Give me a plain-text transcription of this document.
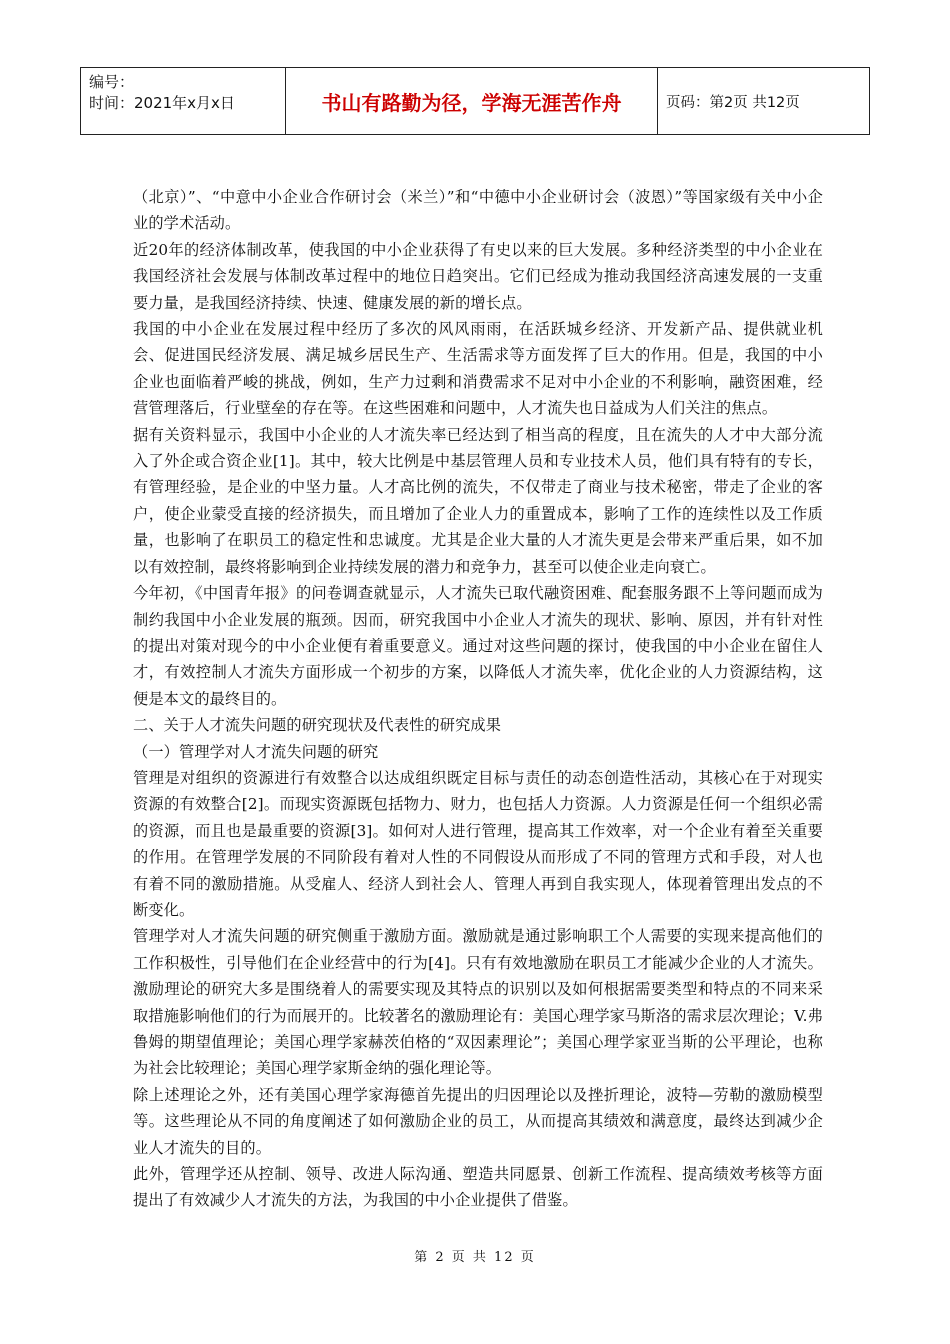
编号：
时间：2021年x月x日	书山有路勤为径，学海无涯苦作舟	页码：第2页 共12页

（北京）”、“中意中小企业合作研讨会（米兰）”和“中德中小企业研讨会（波恩）”等国家级有关中小企业的学术活动。

近20年的经济体制改革，使我国的中小企业获得了有史以来的巨大发展。多种经济类型的中小企业在我国经济社会发展与体制改革过程中的地位日趋突出。它们已经成为推动我国经济高速发展的一支重要力量，是我国经济持续、快速、健康发展的新的增长点。

我国的中小企业在发展过程中经历了多次的风风雨雨，在活跃城乡经济、开发新产品、提供就业机会、促进国民经济发展、满足城乡居民生产、生活需求等方面发挥了巨大的作用。但是，我国的中小企业也面临着严峻的挑战，例如，生产力过剩和消费需求不足对中小企业的不利影响，融资困难，经营管理落后，行业壁垒的存在等。在这些困难和问题中，人才流失也日益成为人们关注的焦点。

据有关资料显示，我国中小企业的人才流失率已经达到了相当高的程度，且在流失的人才中大部分流入了外企或合资企业[1]。其中，较大比例是中基层管理人员和专业技术人员，他们具有特有的专长，有管理经验，是企业的中坚力量。人才高比例的流失，不仅带走了商业与技术秘密，带走了企业的客户，使企业蒙受直接的经济损失，而且增加了企业人力的重置成本，影响了工作的连续性以及工作质量，也影响了在职员工的稳定性和忠诚度。尤其是企业大量的人才流失更是会带来严重后果，如不加以有效控制，最终将影响到企业持续发展的潜力和竞争力，甚至可以使企业走向衰亡。

今年初，《中国青年报》的问卷调查就显示，人才流失已取代融资困难、配套服务跟不上等问题而成为制约我国中小企业发展的瓶颈。因而，研究我国中小企业人才流失的现状、影响、原因，并有针对性的提出对策对现今的中小企业便有着重要意义。通过对这些问题的探讨，使我国的中小企业在留住人才，有效控制人才流失方面形成一个初步的方案，以降低人才流失率，优化企业的人力资源结构，这便是本文的最终目的。

二、关于人才流失问题的研究现状及代表性的研究成果

（一）管理学对人才流失问题的研究

管理是对组织的资源进行有效整合以达成组织既定目标与责任的动态创造性活动，其核心在于对现实资源的有效整合[2]。而现实资源既包括物力、财力，也包括人力资源。人力资源是任何一个组织必需的资源，而且也是最重要的资源[3]。如何对人进行管理，提高其工作效率，对一个企业有着至关重要的作用。在管理学发展的不同阶段有着对人性的不同假设从而形成了不同的管理方式和手段，对人也有着不同的激励措施。从受雇人、经济人到社会人、管理人再到自我实现人，体现着管理出发点的不断变化。

管理学对人才流失问题的研究侧重于激励方面。激励就是通过影响职工个人需要的实现来提高他们的工作积极性，引导他们在企业经营中的行为[4]。只有有效地激励在职员工才能减少企业的人才流失。激励理论的研究大多是围绕着人的需要实现及其特点的识别以及如何根据需要类型和特点的不同来采取措施影响他们的行为而展开的。比较著名的激励理论有：美国心理学家马斯洛的需求层次理论；V.弗鲁姆的期望值理论；美国心理学家赫茨伯格的“双因素理论”；美国心理学家亚当斯的公平理论，也称为社会比较理论；美国心理学家斯金纳的强化理论等。

除上述理论之外，还有美国心理学家海德首先提出的归因理论以及挫折理论，波特—劳勒的激励模型等。这些理论从不同的角度阐述了如何激励企业的员工，从而提高其绩效和满意度，最终达到减少企业人才流失的目的。

此外，管理学还从控制、领导、改进人际沟通、塑造共同愿景、创新工作流程、提高绩效考核等方面提出了有效减少人才流失的方法，为我国的中小企业提供了借鉴。

第 2 页 共 12 页
